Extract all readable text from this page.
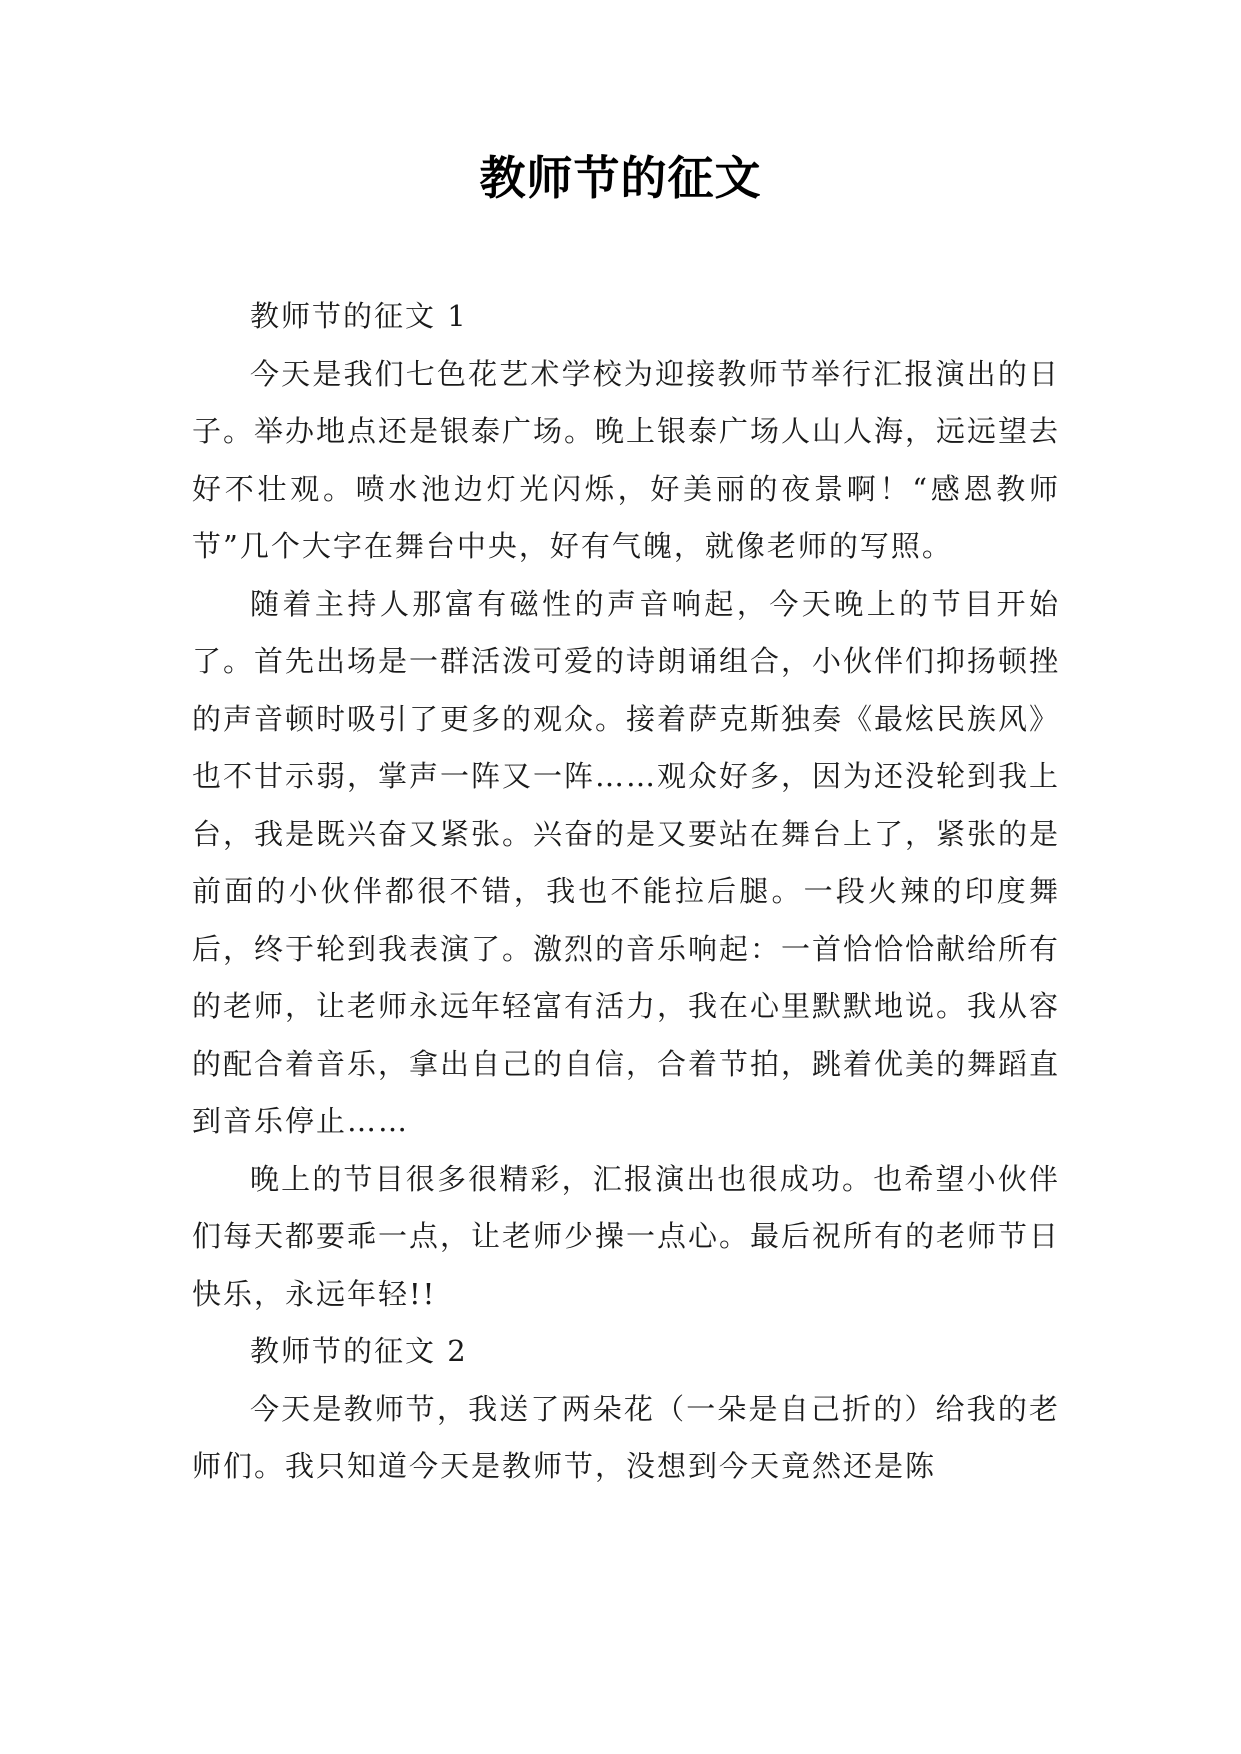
教师节的征文

教师节的征文 1

今天是我们七色花艺术学校为迎接教师节举行汇报演出的日子。举办地点还是银泰广场。晚上银泰广场人山人海，远远望去好不壮观。喷水池边灯光闪烁，好美丽的夜景啊！“感恩教师节”几个大字在舞台中央，好有气魄，就像老师的写照。

随着主持人那富有磁性的声音响起，今天晚上的节目开始了。首先出场是一群活泼可爱的诗朗诵组合，小伙伴们抑扬顿挫的声音顿时吸引了更多的观众。接着萨克斯独奏《最炫民族风》也不甘示弱，掌声一阵又一阵……观众好多，因为还没轮到我上台，我是既兴奋又紧张。兴奋的是又要站在舞台上了，紧张的是前面的小伙伴都很不错，我也不能拉后腿。一段火辣的印度舞后，终于轮到我表演了。激烈的音乐响起：一首恰恰恰献给所有的老师，让老师永远年轻富有活力，我在心里默默地说。我从容的配合着音乐，拿出自己的自信，合着节拍，跳着优美的舞蹈直到音乐停止……

晚上的节目很多很精彩，汇报演出也很成功。也希望小伙伴们每天都要乖一点，让老师少操一点心。最后祝所有的老师节日快乐，永远年轻!!

教师节的征文 2

今天是教师节，我送了两朵花（一朵是自己折的）给我的老师们。我只知道今天是教师节，没想到今天竟然还是陈
